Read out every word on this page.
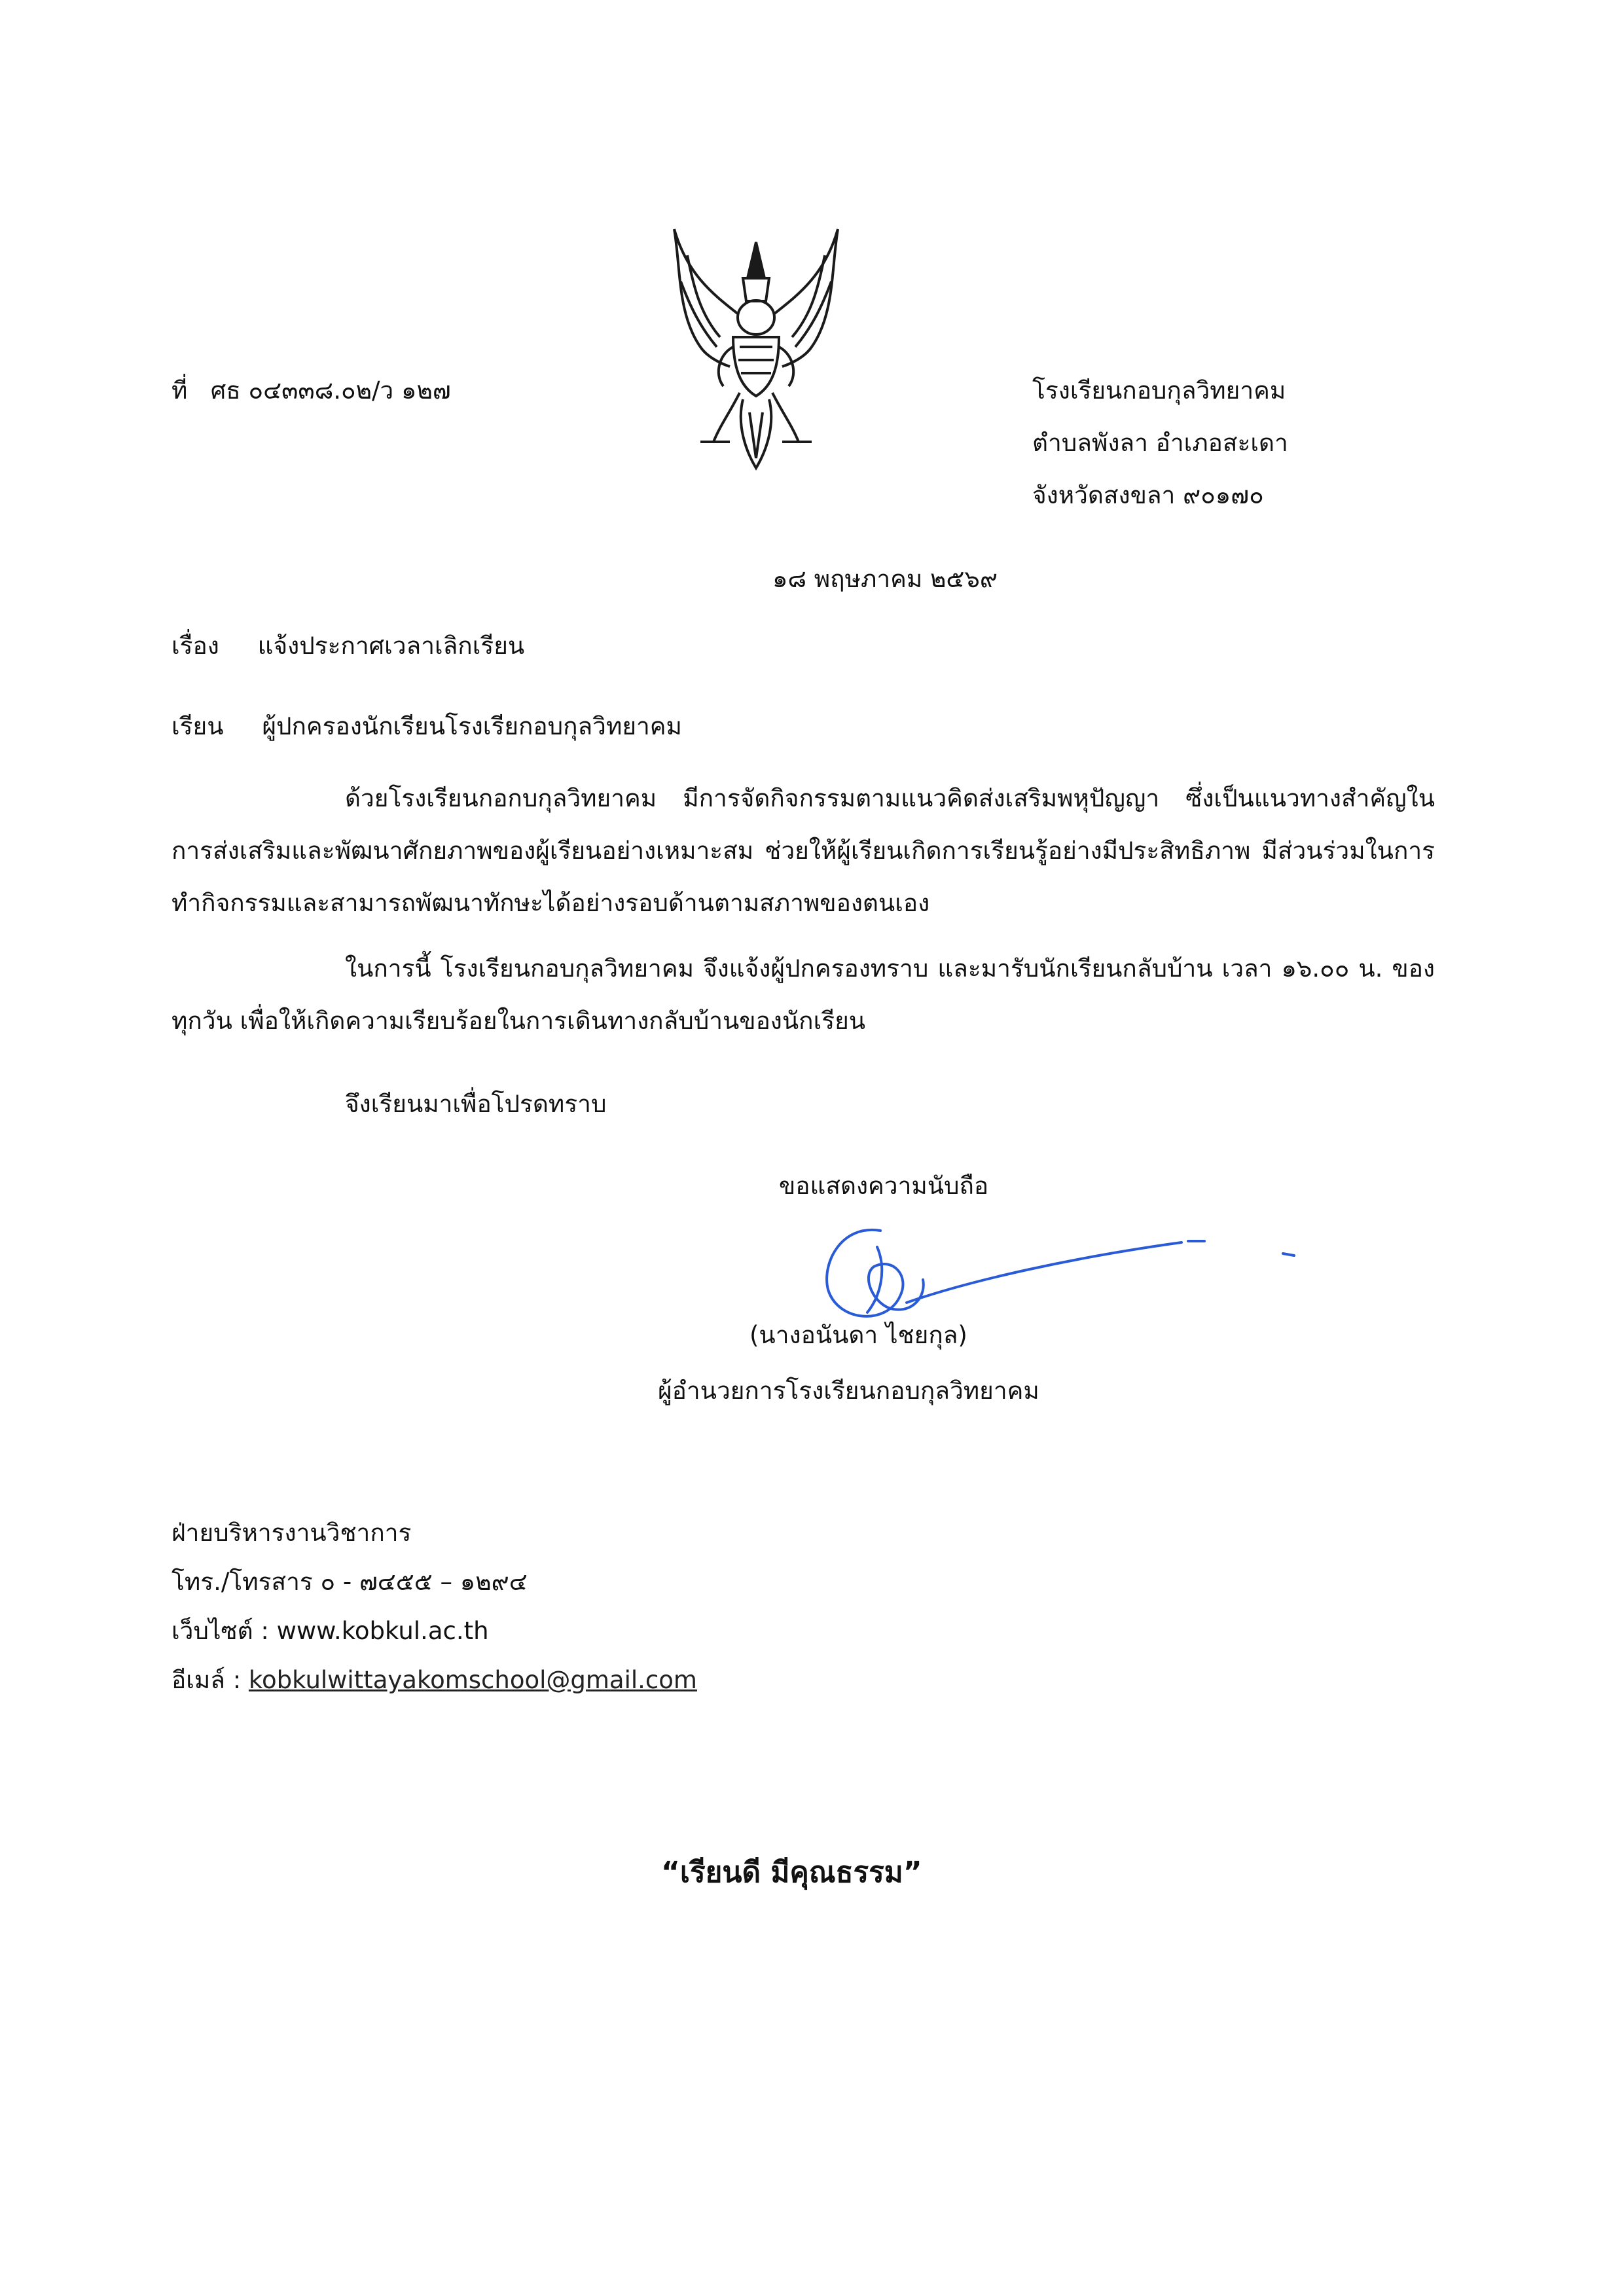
ที่ ศธ ๐๔๓๓๘.๐๒/ว ๑๒๗	โรงเรียนกอบกุลวิทยาคม
ตำบลพังลา อำเภอสะเดา
จังหวัดสงขลา ๙๐๑๗๐
๑๘ พฤษภาคม ๒๕๖๙
เรื่อง แจ้งประกาศเวลาเลิกเรียน
เรียน ผู้ปกครองนักเรียนโรงเรียกอบกุลวิทยาคม
ด้วยโรงเรียนกอกบกุลวิทยาคม มีการจัดกิจกรรมตามแนวคิดส่งเสริมพหุปัญญา ซึ่งเป็นแนวทางสำคัญในการส่งเสริมและพัฒนาศักยภาพของผู้เรียนอย่างเหมาะสม ช่วยให้ผู้เรียนเกิดการเรียนรู้อย่างมีประสิทธิภาพ มีส่วนร่วมในการทำกิจกรรมและสามารถพัฒนาทักษะได้อย่างรอบด้านตามสภาพของตนเอง
ในการนี้ โรงเรียนกอบกุลวิทยาคม จึงแจ้งผู้ปกครองทราบ และมารับนักเรียนกลับบ้าน เวลา ๑๖.๐๐ น. ของทุกวัน เพื่อให้เกิดความเรียบร้อยในการเดินทางกลับบ้านของนักเรียน
จึงเรียนมาเพื่อโปรดทราบ
ขอแสดงความนับถือ
(นางอนันดา ไชยกุล)
ผู้อำนวยการโรงเรียนกอบกุลวิทยาคม
ฝ่ายบริหารงานวิชาการ
โทร./โทรสาร ๐ - ๗๔๕๕ – ๑๒๙๔
เว็บไซต์ : www.kobkul.ac.th
อีเมล์ : kobkulwittayakomschool@gmail.com
“เรียนดี มีคุณธรรม”
